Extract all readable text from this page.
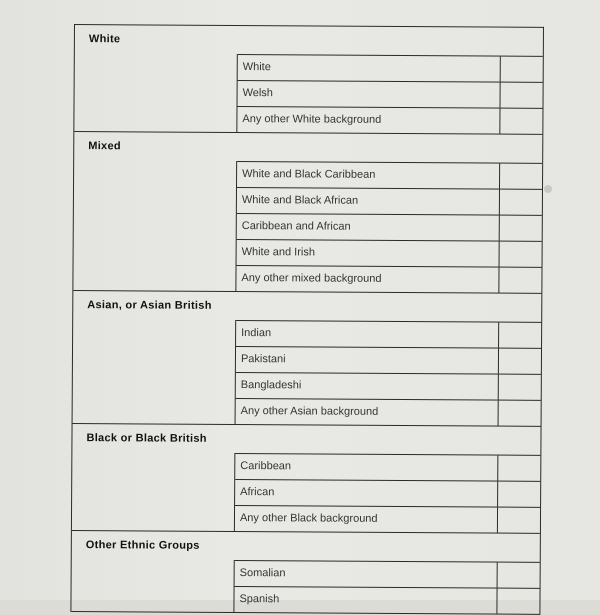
White
White
Welsh
Any other White background
Mixed
White and Black Caribbean
White and Black African
Caribbean and African
White and Irish
Any other mixed background
Asian, or Asian British
Indian
Pakistani
Bangladeshi
Any other Asian background
Black or Black British
Caribbean
African
Any other Black background
Other Ethnic Groups
Somalian
Spanish
